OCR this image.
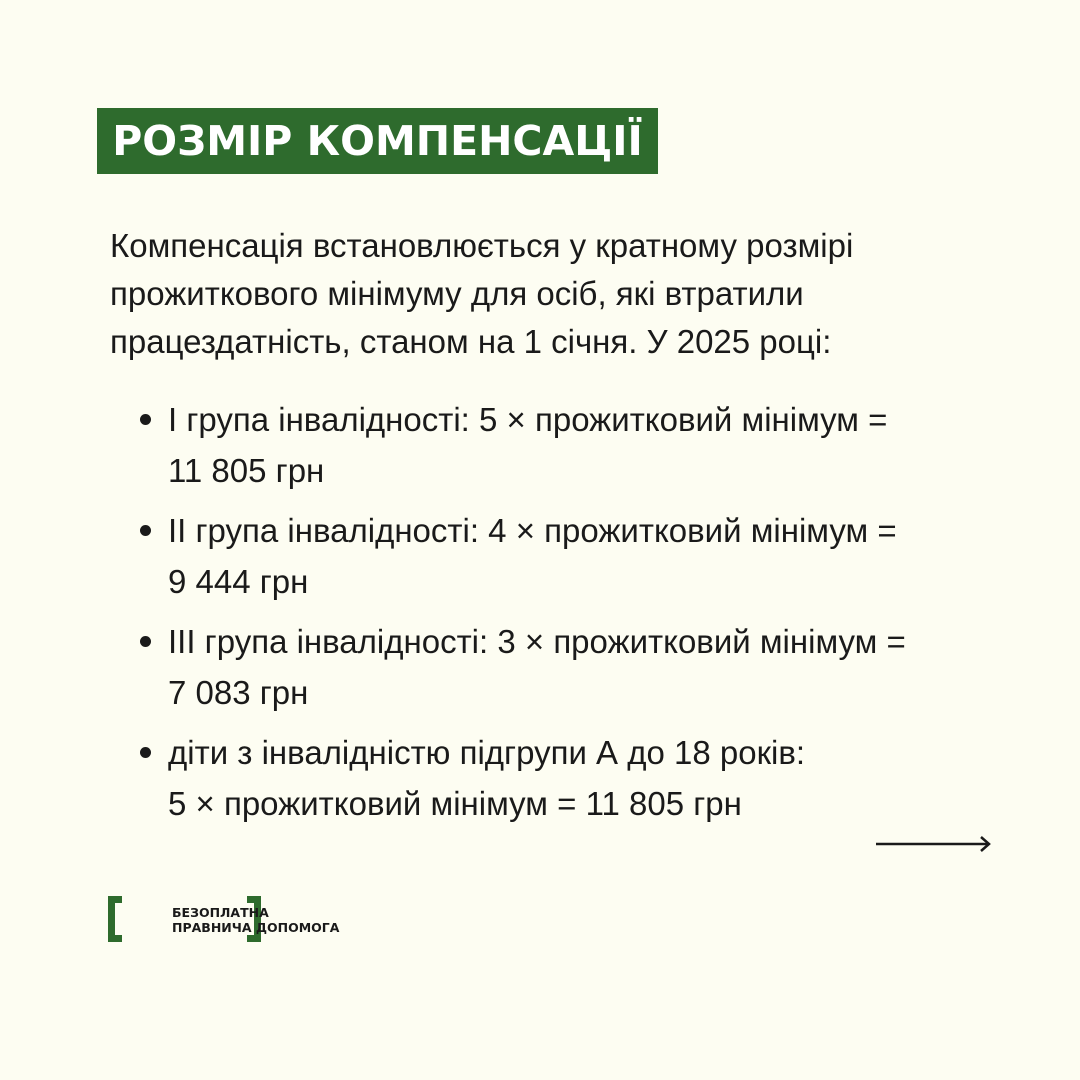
РОЗМІР КОМПЕНСАЦІЇ

Компенсація встановлюється у кратному розмірі
прожиткового мінімуму для осіб, які втратили
працездатність, станом на 1 січня. У 2025 році:

І група інвалідності: 5 × прожитковий мінімум =
11 805 грн
ІІ група інвалідності: 4 × прожитковий мінімум =
9 444 грн
ІІІ група інвалідності: 3 × прожитковий мінімум =
7 083 грн
діти з інвалідністю підгрупи А до 18 років:
5 × прожитковий мінімум = 11 805 грн
БЕЗОПЛАТНА
ПРАВНИЧА ДОПОМОГА
